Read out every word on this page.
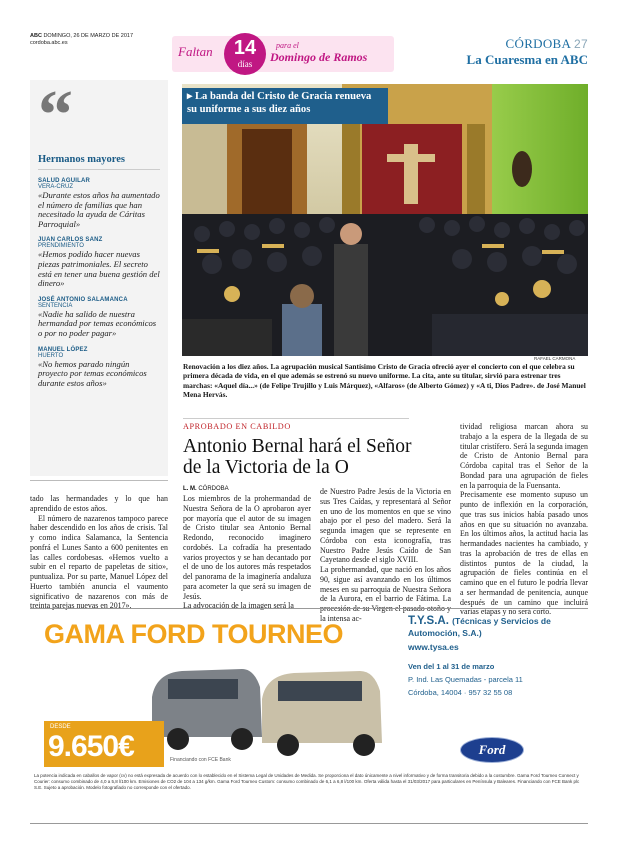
ABC DOMINGO, 26 DE MARZO DE 2017
cordoba.abc.es
Faltan	14
días
para el
Domingo de Ramos
CÓRDOBA 27
La Cuaresma en ABC
“
Hermanos mayores
SALUD AGUILAR
VERA-CRUZ
«Durante estos años ha aumentado el número de familias que han necesitado la ayuda de Cáritas Parroquial»
JUAN CARLOS SANZ
PRENDIMIENTO
«Hemos podido hacer nuevas piezas patrimoniales. El secreto está en tener una buena gestión del dinero»
JOSÉ ANTONIO SALAMANCA
SENTENCIA
«Nadie ha salido de nuestra hermandad por temas económicos o por no poder pagar»
MANUEL LÓPEZ
HUERTO
«No hemos parado ningún proyecto por temas económicos durante estos años»
▸ La banda del Cristo de Gracia renueva su uniforme a sus diez años
RAFAEL CARMONA
Renovación a los diez años. La agrupación musical Santísimo Cristo de Gracia ofreció ayer el concierto con el que celebra su primera década de vida, en el que además se estrenó su nuevo uniforme. La cita, ante su titular, sirvió para estrenar tres marchas: «Aquel día...» (de Felipe Trujillo y Luis Márquez), «Alfaros» (de Alberto Gómez) y «A ti, Dios Padre». de José Manuel Mena Hervás.
APROBADO EN CABILDO
Antonio Bernal hará el Señor de la Victoria de la O
L. M. CÓRDOBA

tado las hermandades y lo que han aprendido de estos años.

El número de nazarenos tampoco parece haber descendido en los años de crisis. Tal y como indica Salamanca, la Sentencia ponfrá el Lunes Santo a 600 penitentes en las calles cordobesas. «Hemos vuelto a subir en el reparto de papeletas de sitio», puntualiza. Por su parte, Manuel López del Huerto también anuncia el vaumento significativo de nazarenos con más de treinta parejas nuevas en 2017».

Los miembros de la prohermandad de Nuestra Señora de la O aprobaron ayer por mayoría que el autor de su imagen de Cristo titular sea Antonio Bernal Redondo, reconocido imaginero cordobés. La cofradía ha presentado varios proyectos y se han decantado por el de uno de los autores más respetados del panorama de la imaginería andaluza para acometer la que será su imagen de Jesús.
La advocación de la imagen será la
de Nuestro Padre Jesús de la Victoria en sus Tres Caídas, y representará al Señor en uno de los momentos en que se vino abajo por el peso del madero. Será la segunda imagen que se represente en Córdoba con esta iconografía, tras Nuestro Padre Jesús Caído de San Cayetano desde el siglo XVIII.
La prohermandad, que nació en los años 90, sigue así avanzando en los últimos meses en su parroquia de Nuestra Señora de la Aurora, en el barrio de Fátima. La procesión de su Virgen el pasado otoño y la intensa ac-
tividad religiosa marcan ahora su trabajo a la espera de la llegada de su titular cristífero. Será la segunda imagen de Cristo de Antonio Bernal para Córdoba capital tras el Señor de la Bondad para una agrupación de fieles en la parroquia de la Fuensanta.
Precisamente ese momento supuso un punto de inflexión en la corporación, que tras sus inicios había pasado unos años en que su situación no avanzaba. En los últimos años, la actitud hacia las hermandades nacientes ha cambiado, y tras la aprobación de tres de ellas en distintos puntos de la ciudad, la agrupación de fieles continúa en el camino que en el futuro le podría llevar a ser hermandad de penitencia, aunque después de un camino que incluirá varias etapas y no será corto.
GAMA FORD TOURNEO
DESDE
9.650€	Financiando con FCE Bank
T.Y.S.A. (Técnicas y Servicios de Automoción, S.A.)
www.tysa.es
Ven del 1 al 31 de marzo
P. Ind. Las Quemadas - parcela 11
Córdoba, 14004 · 957 32 55 08
Ford
La potencia indicada en caballos de vapor (cv) no está expresada de acuerdo con lo establecido en el Sistema Legal de Unidades de Medida. Se proporciona el dato únicamente a nivel informativo y de forma transitoria debido a la costumbre. Gama Ford Tourneo Connect y Courier: consumo combinado de 4,0 a 5,8 l/100 km. Emisiones de CO2 de 104 a 134 g/km. Gama Ford Tourneo Custom: consumo combinado de 6,1 a 6,8 l/100 km. Oferta válida hasta el 31/03/2017 para particulares en Península y Baleares. Financiando con FCE Bank plc S.E. Sujeto a aprobación. Modelo fotografiado no corresponde con el ofertado.
